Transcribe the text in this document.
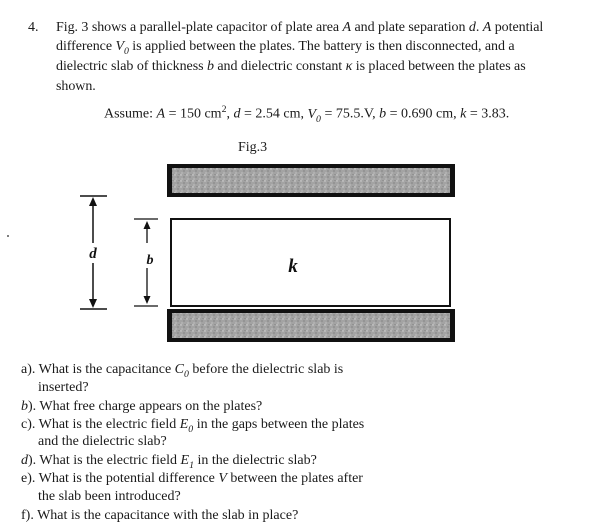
4. Fig. 3 shows a parallel-plate capacitor of plate area A and plate separation d. A potential
difference $V_0$ is applied between the plates. The battery is then disconnected, and a
dielectric slab of thickness b and dielectric constant κ is placed between the plates as
shown.
Assume: A = 150 $cm^2$, d = 2.54 cm, $V_0 = 75.5.V$, b = 0.690 cm, k = 3.83.
Fig.3
d	b	k
a). What is the capacitance $C_0$ before the dielectric slab is
inserted?
b). What free charge appears on the plates?
c). What is the electric field $E_0$ in the gaps between the plates
and the dielectric slab?
d). What is the electric field $E_1$ in the dielectric slab?
e). What is the potential difference V between the plates after
the slab been introduced?
f). What is the capacitance with the slab in place?
